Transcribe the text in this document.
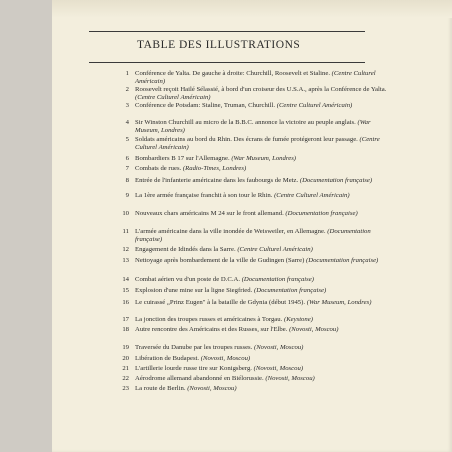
TABLE DES ILLUSTRATIONS
1 Conférence de Yalta. De gauche à droite: Churchill, Roosevelt et Staline. (Centre Culturel Américain)
2 Roosevelt reçoit Hailé Sélassié, à bord d'un croiseur des U.S.A., après la Conférence de Yalta. (Centre Culturel Américain)
3 Conférence de Potsdam: Staline, Truman, Churchill. (Centre Culturel Américain)
4 Sir Winston Churchill au micro de la B.B.C. annonce la victoire au peuple anglais. (War Museum, Londres)
5 Soldats américains au bord du Rhin. Des écrans de fumée protégeront leur passage. (Centre Culturel Américain)
6 Bombardiers B 17 sur l'Allemagne. (War Museum, Londres)
7 Combats de rues. (Radio-Times, Londres)
8 Entrée de l'infanterie américaine dans les faubourgs de Metz. (Documentation française)
9 La 1ère armée française franchit à son tour le Rhin. (Centre Culturel Américain)
10 Nouveaux chars américains M 24 sur le front allemand. (Documentation française)
11 L'armée américaine dans la ville inondée de Weisweiler, en Allemagne. (Documentation française)
12 Engagement de Idindés dans la Sarre. (Centre Culturel Américain)
13 Nettoyage après bombardement de la ville de Gudingen (Sarre) (Documentation française)
14 Combat aérien vu d'un poste de D.C.A. (Documentation française)
15 Explosion d'une mine sur la ligne Siegfried. (Documentation française)
16 Le cuirassé „Prinz Eugen" à la bataille de Gdynia (début 1945). (War Museum, Londres)
17 La jonction des troupes russes et américaines à Torgau. (Keystone)
18 Autre rencontre des Américains et des Russes, sur l'Elbe. (Novosti, Moscou)
19 Traversée du Danube par les troupes russes. (Novosti, Moscou)
20 Libération de Budapest. (Novosti, Moscou)
21 L'artillerie lourde russe tire sur Konigsberg. (Novosti, Moscou)
22 Aérodrome allemand abandonné en Biélorussie. (Novosti, Moscou)
23 La route de Berlin. (Novosti, Moscou)
